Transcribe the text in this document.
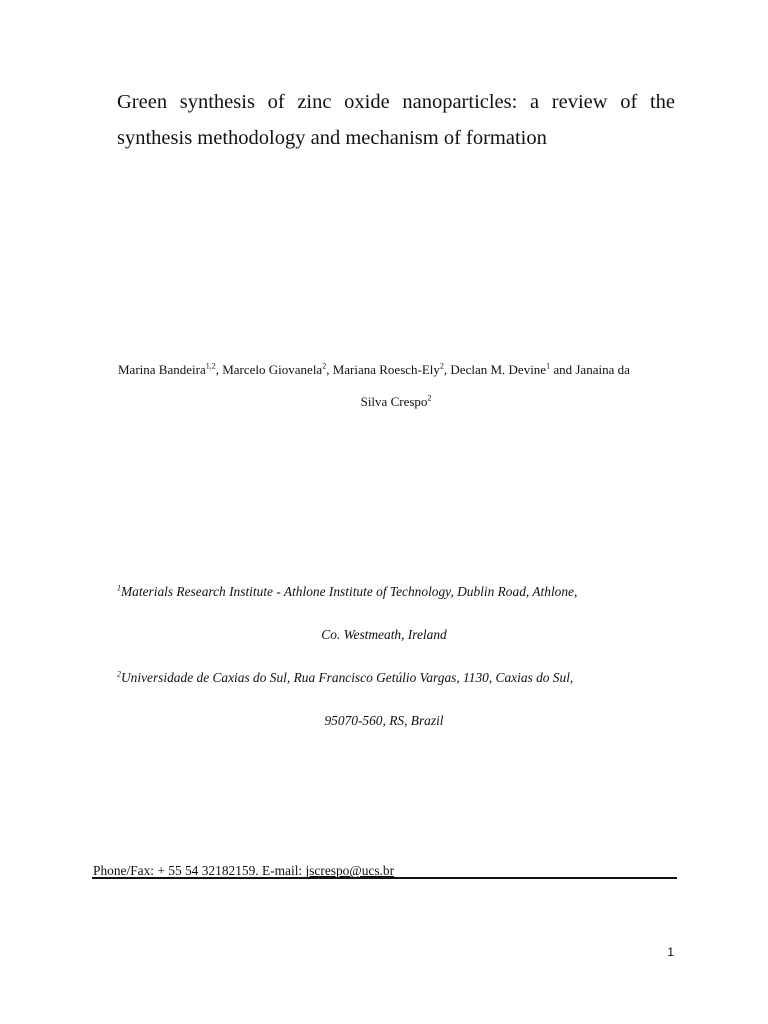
Green synthesis of zinc oxide nanoparticles: a review of the
synthesis methodology and mechanism of formation
Marina Bandeira$^{1,2}$, Marcelo Giovanela$^2$, Mariana Roesch-Ely$^2$, Declan M. Devine$^1$ and Janaina da
Silva Crespo$^2$
$^1$Materials Research Institute - Athlone Institute of Technology, Dublin Road, Athlone,
Co. Westmeath, Ireland
$^2$Universidade de Caxias do Sul, Rua Francisco Getúlio Vargas, 1130, Caxias do Sul,
95070-560, RS, Brazil
Phone/Fax: + 55 54 32182159. E-mail: jscrespo@ucs.br
1
